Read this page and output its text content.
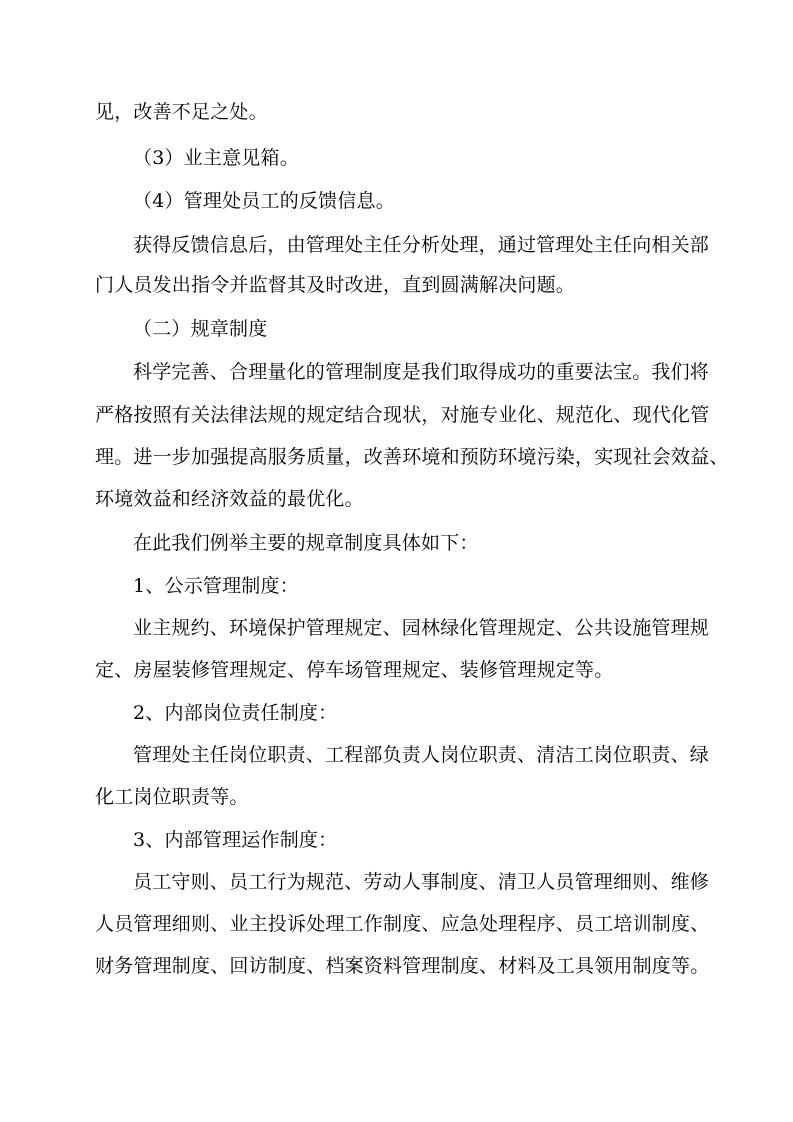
见，改善不足之处。
（3）业主意见箱。
（4）管理处员工的反馈信息。
获得反馈信息后，由管理处主任分析处理，通过管理处主任向相关部
门人员发出指令并监督其及时改进，直到圆满解决问题。
（二）规章制度
科学完善、合理量化的管理制度是我们取得成功的重要法宝。我们将
严格按照有关法律法规的规定结合现状，对施专业化、规范化、现代化管
理。进一步加强提高服务质量，改善环境和预防环境污染，实现社会效益、
环境效益和经济效益的最优化。
在此我们例举主要的规章制度具体如下：
1、公示管理制度：
业主规约、环境保护管理规定、园林绿化管理规定、公共设施管理规
定、房屋装修管理规定、停车场管理规定、装修管理规定等。
2、内部岗位责任制度：
管理处主任岗位职责、工程部负责人岗位职责、清洁工岗位职责、绿
化工岗位职责等。
3、内部管理运作制度：
员工守则、员工行为规范、劳动人事制度、清卫人员管理细则、维修
人员管理细则、业主投诉处理工作制度、应急处理程序、员工培训制度、
财务管理制度、回访制度、档案资料管理制度、材料及工具领用制度等。
